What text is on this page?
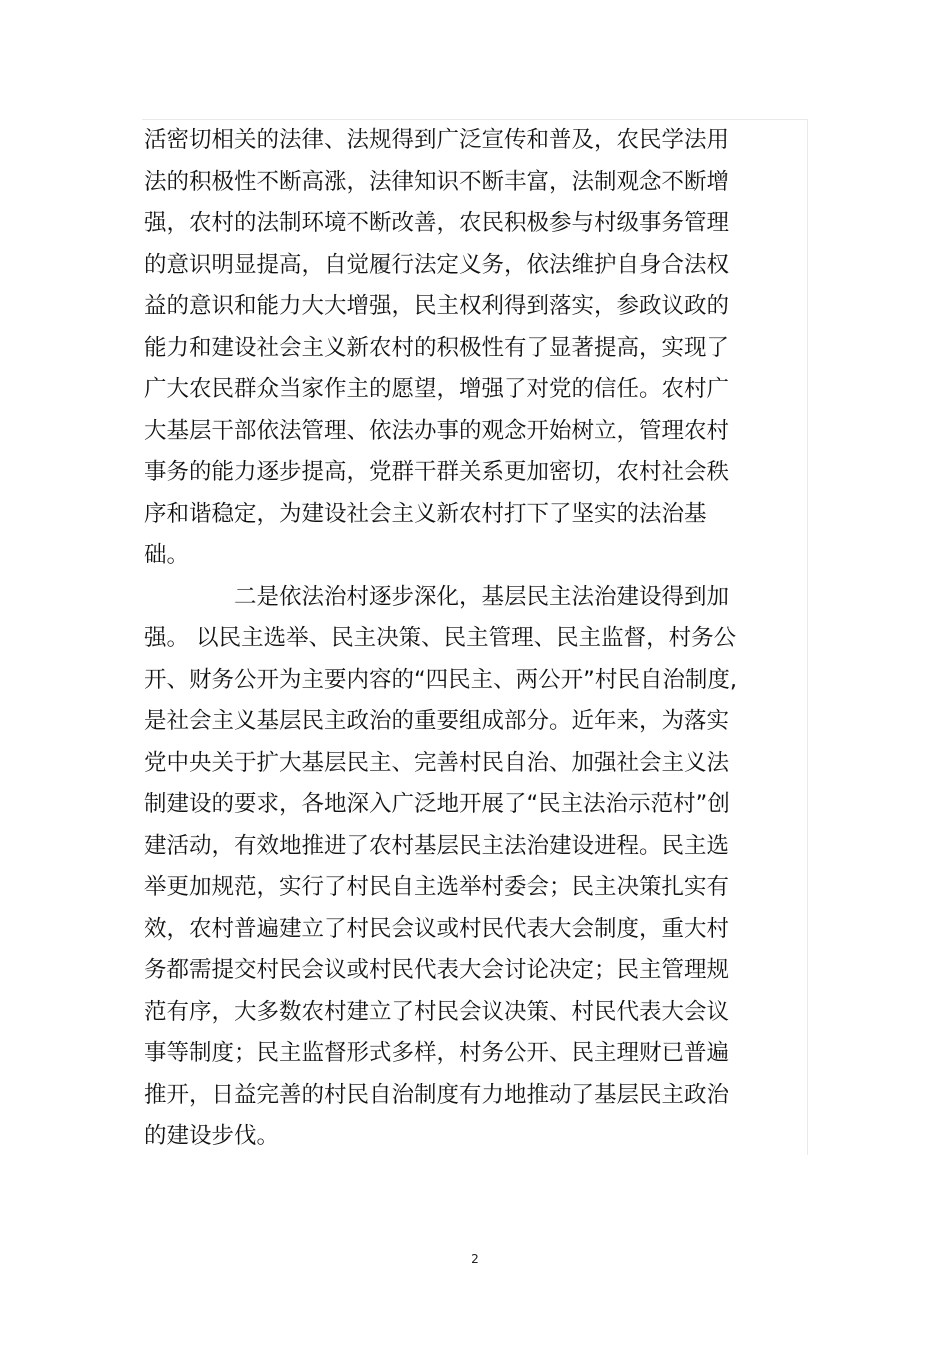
活密切相关的法律、法规得到广泛宣传和普及，农民学法用
法的积极性不断高涨，法律知识不断丰富，法制观念不断增
强，农村的法制环境不断改善，农民积极参与村级事务管理
的意识明显提高，自觉履行法定义务，依法维护自身合法权
益的意识和能力大大增强，民主权利得到落实，参政议政的
能力和建设社会主义新农村的积极性有了显著提高，实现了
广大农民群众当家作主的愿望，增强了对党的信任。农村广
大基层干部依法管理、依法办事的观念开始树立，管理农村
事务的能力逐步提高，党群干群关系更加密切，农村社会秩
序和谐稳定，为建设社会主义新农村打下了坚实的法治基
础。
二是依法治村逐步深化，基层民主法治建设得到加
强。 以民主选举、民主决策、民主管理、民主监督，村务公
开、财务公开为主要内容的“四民主、两公开”村民自治制度,
是社会主义基层民主政治的重要组成部分。近年来，为落实
党中央关于扩大基层民主、完善村民自治、加强社会主义法
制建设的要求，各地深入广泛地开展了“民主法治示范村”创
建活动，有效地推进了农村基层民主法治建设进程。民主选
举更加规范，实行了村民自主选举村委会；民主决策扎实有
效，农村普遍建立了村民会议或村民代表大会制度，重大村
务都需提交村民会议或村民代表大会讨论决定；民主管理规
范有序，大多数农村建立了村民会议决策、村民代表大会议
事等制度；民主监督形式多样，村务公开、民主理财已普遍
推开，日益完善的村民自治制度有力地推动了基层民主政治
的建设步伐。
2
